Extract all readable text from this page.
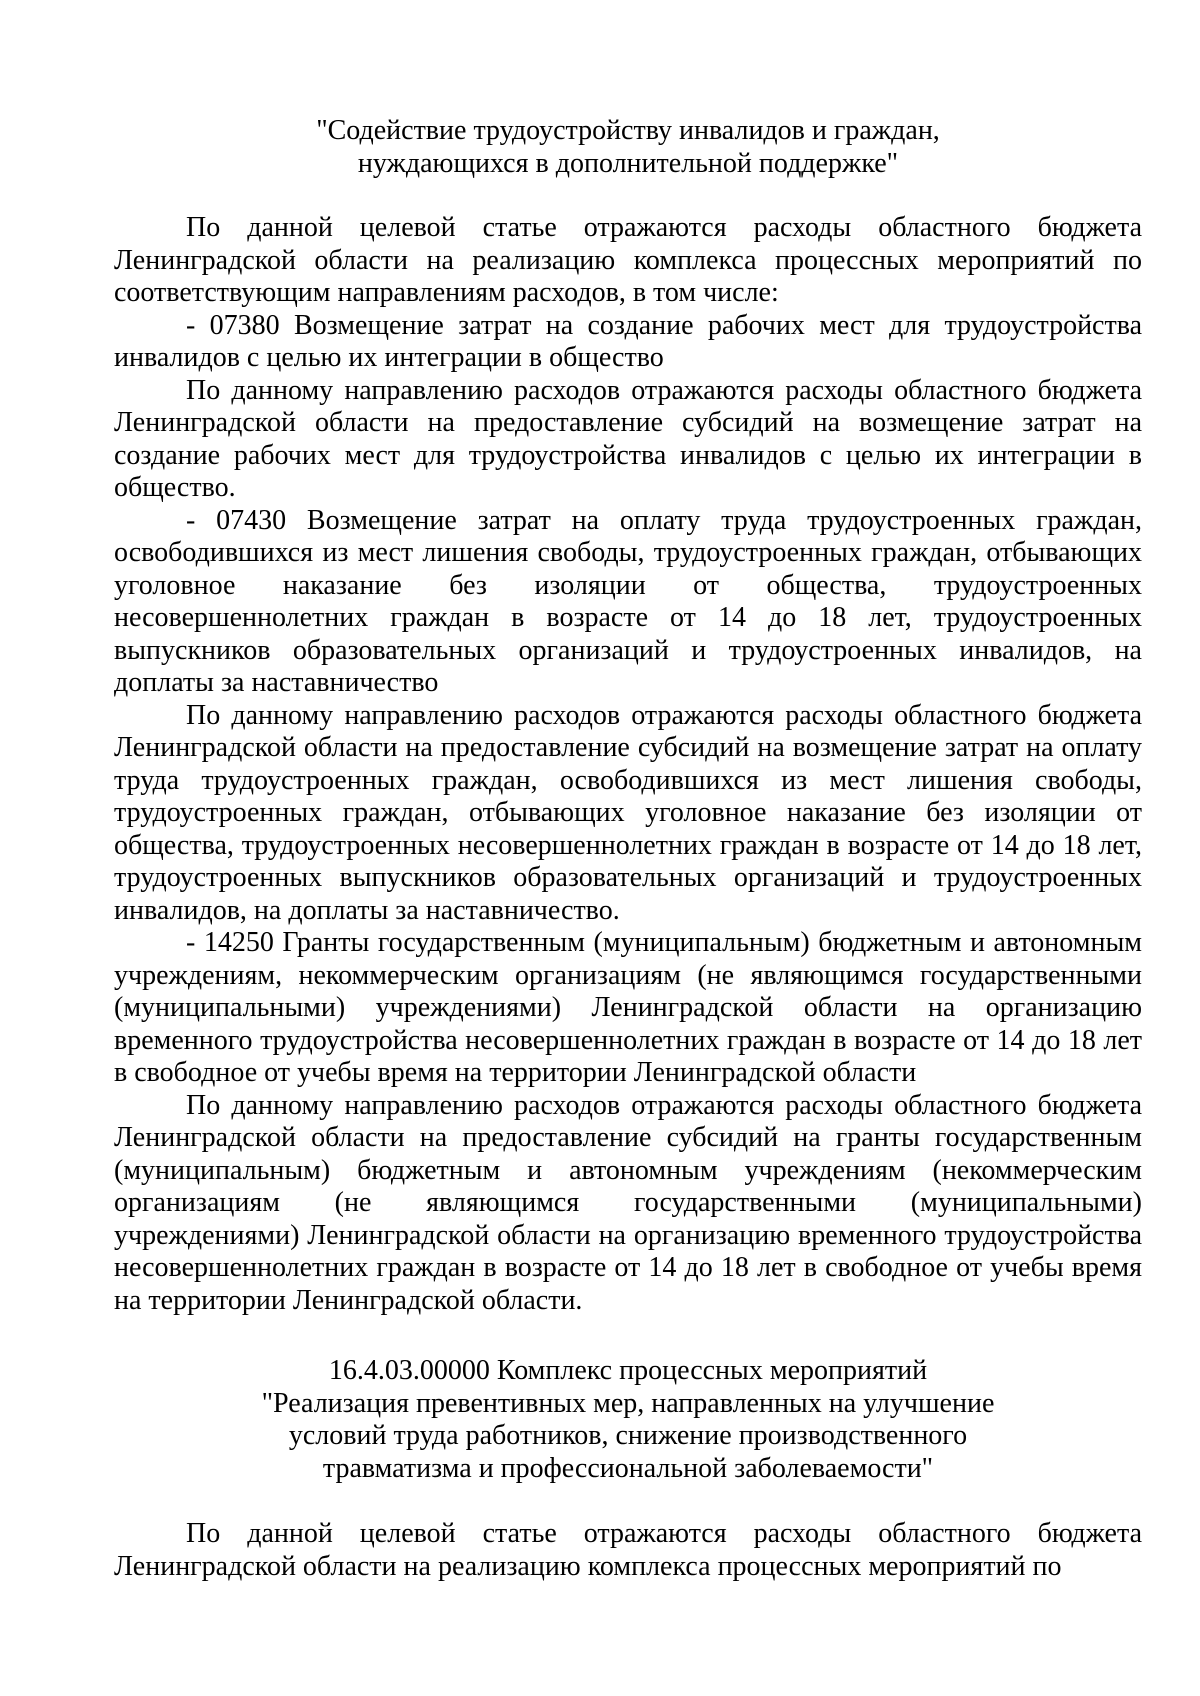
"Содействие трудоустройству инвалидов и граждан,
нуждающихся в дополнительной поддержке"

По данной целевой статье отражаются расходы областного бюджета Ленинградской области на реализацию комплекса процессных мероприятий по соответствующим направлениям расходов, в том числе:

- 07380 Возмещение затрат на создание рабочих мест для трудоустройства инвалидов с целью их интеграции в общество

По данному направлению расходов отражаются расходы областного бюджета Ленинградской области на предоставление субсидий на возмещение затрат на создание рабочих мест для трудоустройства инвалидов с целью их интеграции в общество.

- 07430 Возмещение затрат на оплату труда трудоустроенных граждан, освободившихся из мест лишения свободы, трудоустроенных граждан, отбывающих уголовное наказание без изоляции от общества, трудоустроенных несовершеннолетних граждан в возрасте от 14 до 18 лет, трудоустроенных выпускников образовательных организаций и трудоустроенных инвалидов, на доплаты за наставничество

По данному направлению расходов отражаются расходы областного бюджета Ленинградской области на предоставление субсидий на возмещение затрат на оплату труда трудоустроенных граждан, освободившихся из мест лишения свободы, трудоустроенных граждан, отбывающих уголовное наказание без изоляции от общества, трудоустроенных несовершеннолетних граждан в возрасте от 14 до 18 лет, трудоустроенных выпускников образовательных организаций и трудоустроенных инвалидов, на доплаты за наставничество.

- 14250 Гранты государственным (муниципальным) бюджетным и автономным учреждениям, некоммерческим организациям (не являющимся государственными (муниципальными) учреждениями) Ленинградской области на организацию временного трудоустройства несовершеннолетних граждан в возрасте от 14 до 18 лет в свободное от учебы время на территории Ленинградской области

По данному направлению расходов отражаются расходы областного бюджета Ленинградской области на предоставление субсидий на гранты государственным (муниципальным) бюджетным и автономным учреждениям (некоммерческим организациям (не являющимся государственными (муниципальными) учреждениями) Ленинградской области на организацию временного трудоустройства несовершеннолетних граждан в возрасте от 14 до 18 лет в свободное от учебы время на территории Ленинградской области.

16.4.03.00000 Комплекс процессных мероприятий
"Реализация превентивных мер, направленных на улучшение
условий труда работников, снижение производственного
травматизма и профессиональной заболеваемости"

По данной целевой статье отражаются расходы областного бюджета Ленинградской области на реализацию комплекса процессных мероприятий по
